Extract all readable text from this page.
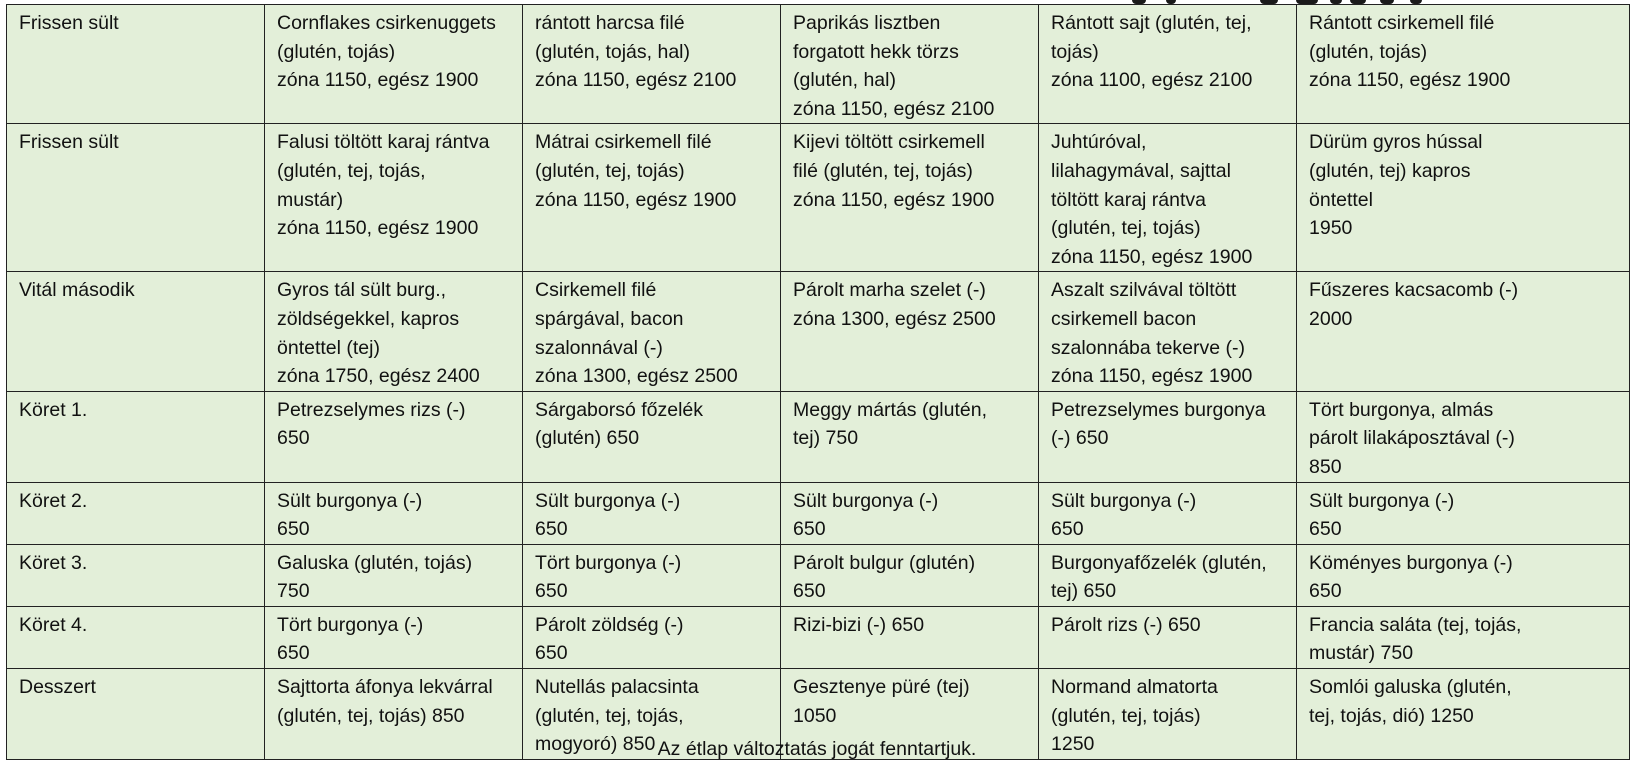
Frissen sült	Cornflakes csirkenuggets
(glutén, tojás)
zóna 1150, egész 1900	rántott harcsa filé
(glutén, tojás, hal)
zóna 1150, egész 2100	Paprikás lisztben
forgatott hekk törzs
(glutén, hal)
zóna 1150, egész 2100	Rántott sajt (glutén, tej,
tojás)
zóna 1100, egész 2100	Rántott csirkemell filé
(glutén, tojás)
zóna 1150, egész 1900
Frissen sült	Falusi töltött karaj rántva
(glutén, tej, tojás,
mustár)
zóna 1150, egész 1900	Mátrai csirkemell filé
(glutén, tej, tojás)
zóna 1150, egész 1900	Kijevi töltött csirkemell
filé (glutén, tej, tojás)
zóna 1150, egész 1900	Juhtúróval,
lilahagymával, sajttal
töltött karaj rántva
(glutén, tej, tojás)
zóna 1150, egész 1900	Dürüm gyros hússal
(glutén, tej) kapros
öntettel
1950
Vitál második	Gyros tál sült burg.,
zöldségekkel, kapros
öntettel (tej)
zóna 1750, egész 2400	Csirkemell filé
spárgával, bacon
szalonnával (-)
zóna 1300, egész 2500	Párolt marha szelet (-)
zóna 1300, egész 2500	Aszalt szilvával töltött
csirkemell bacon
szalonnába tekerve (-)
zóna 1150, egész 1900	Fűszeres kacsacomb (-)
2000
Köret 1.	Petrezselymes rizs (-)
650	Sárgaborsó főzelék
(glutén) 650	Meggy mártás (glutén,
tej) 750	Petrezselymes burgonya
(-) 650	Tört burgonya, almás
párolt lilakáposztával (-)
850
Köret 2.	Sült burgonya (-)
650	Sült burgonya (-)
650	Sült burgonya (-)
650	Sült burgonya (-)
650	Sült burgonya (-)
650
Köret 3.	Galuska (glutén, tojás)
750	Tört burgonya (-)
650	Párolt bulgur (glutén)
650	Burgonyafőzelék (glutén,
tej) 650	Köményes burgonya (-)
650
Köret 4.	Tört burgonya (-)
650	Párolt zöldség (-)
650	Rizi-bizi (-) 650	Párolt rizs (-) 650	Francia saláta (tej, tojás,
mustár) 750
Desszert	Sajttorta áfonya lekvárral
(glutén, tej, tojás) 850	Nutellás palacsinta
(glutén, tej, tojás,
mogyoró) 850	Gesztenye püré (tej)
1050	Normand almatorta
(glutén, tej, tojás)
1250	Somlói galuska (glutén,
tej, tojás, dió) 1250
Az étlap változtatás jogát fenntartjuk.
